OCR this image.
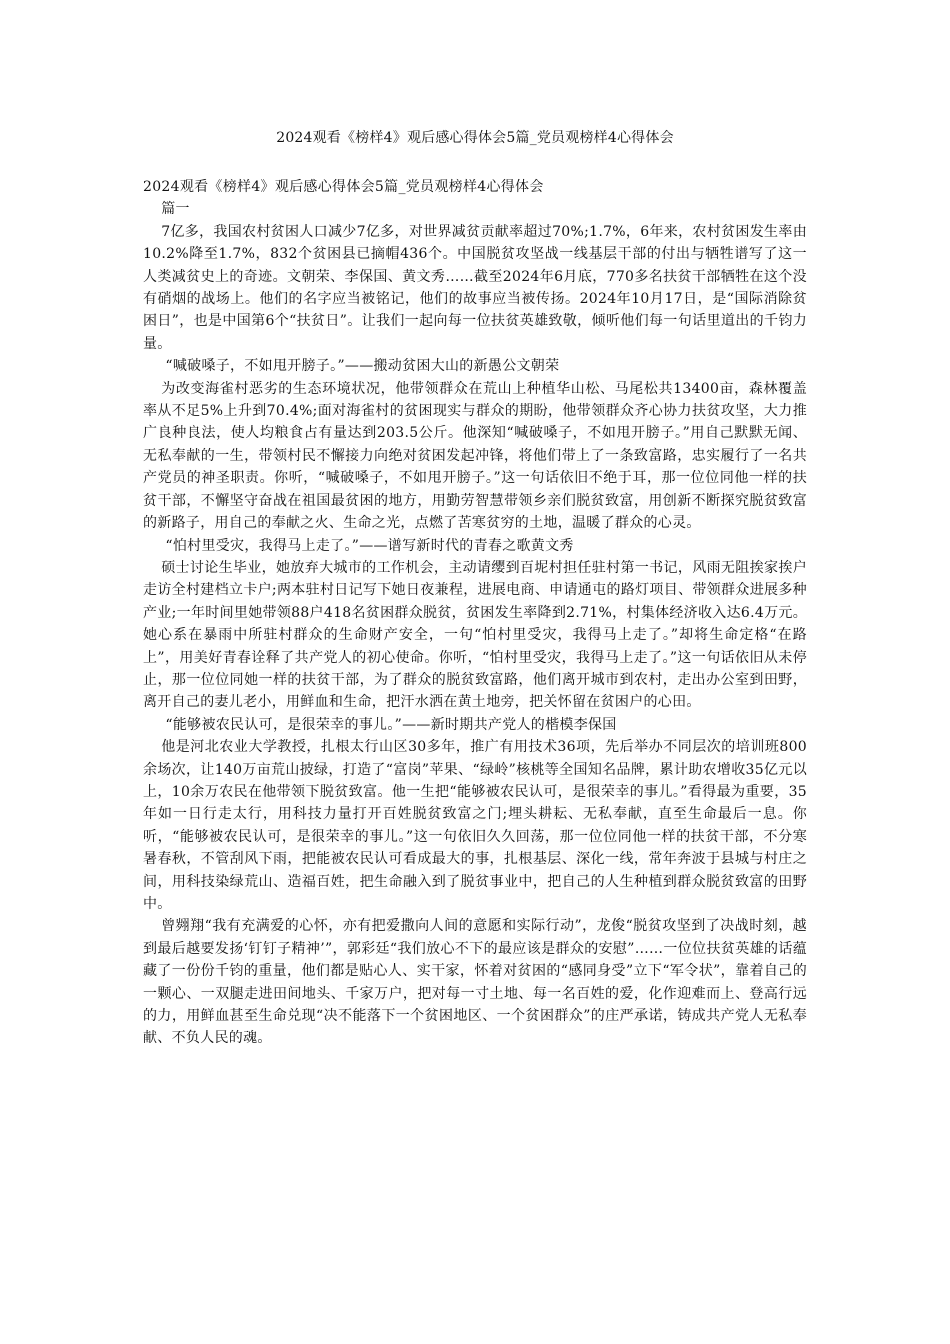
2024观看《榜样4》观后感心得体会5篇_党员观榜样4心得体会

2024观看《榜样4》观后感心得体会5篇_党员观榜样4心得体会

篇一

7亿多，我国农村贫困人口减少7亿多，对世界减贫贡献率超过70%;1.7%，6年来，农村贫困发生率由10.2%降至1.7%，832个贫困县已摘帽436个。中国脱贫攻坚战一线基层干部的付出与牺牲谱写了这一人类减贫史上的奇迹。文朝荣、李保国、黄文秀……截至2024年6月底，770多名扶贫干部牺牲在这个没有硝烟的战场上。他们的名字应当被铭记，他们的故事应当被传扬。2024年10月17日，是“国际消除贫困日”，也是中国第6个“扶贫日”。让我们一起向每一位扶贫英雄致敬，倾听他们每一句话里道出的千钧力量。

“喊破嗓子，不如甩开膀子。”——搬动贫困大山的新愚公文朝荣

为改变海雀村恶劣的生态环境状况，他带领群众在荒山上种植华山松、马尾松共13400亩，森林覆盖率从不足5%上升到70.4%;面对海雀村的贫困现实与群众的期盼，他带领群众齐心协力扶贫攻坚，大力推广良种良法，使人均粮食占有量达到203.5公斤。他深知“喊破嗓子，不如甩开膀子。”用自己默默无闻、无私奉献的一生，带领村民不懈接力向绝对贫困发起冲锋，将他们带上了一条致富路，忠实履行了一名共产党员的神圣职责。你听，“喊破嗓子，不如甩开膀子。”这一句话依旧不绝于耳，那一位位同他一样的扶贫干部，不懈坚守奋战在祖国最贫困的地方，用勤劳智慧带领乡亲们脱贫致富，用创新不断探究脱贫致富的新路子，用自己的奉献之火、生命之光，点燃了苦寒贫穷的土地，温暖了群众的心灵。

“怕村里受灾，我得马上走了。”——谱写新时代的青春之歌黄文秀

硕士讨论生毕业，她放弃大城市的工作机会，主动请缨到百坭村担任驻村第一书记，风雨无阻挨家挨户走访全村建档立卡户;两本驻村日记写下她日夜兼程，进展电商、申请通屯的路灯项目、带领群众进展多种产业;一年时间里她带领88户418名贫困群众脱贫，贫困发生率降到2.71%，村集体经济收入达6.4万元。她心系在暴雨中所驻村群众的生命财产安全，一句“怕村里受灾，我得马上走了。”却将生命定格“在路上”，用美好青春诠释了共产党人的初心使命。你听，“怕村里受灾，我得马上走了。”这一句话依旧从未停止，那一位位同她一样的扶贫干部，为了群众的脱贫致富路，他们离开城市到农村，走出办公室到田野，离开自己的妻儿老小，用鲜血和生命，把汗水洒在黄土地旁，把关怀留在贫困户的心田。

“能够被农民认可，是很荣幸的事儿。”——新时期共产党人的楷模李保国

他是河北农业大学教授，扎根太行山区30多年，推广有用技术36项，先后举办不同层次的培训班800余场次，让140万亩荒山披绿，打造了“富岗”苹果、“绿岭”核桃等全国知名品牌，累计助农增收35亿元以上，10余万农民在他带领下脱贫致富。他一生把“能够被农民认可，是很荣幸的事儿。”看得最为重要，35年如一日行走太行，用科技力量打开百姓脱贫致富之门;埋头耕耘、无私奉献，直至生命最后一息。你听，“能够被农民认可，是很荣幸的事儿。”这一句依旧久久回荡，那一位位同他一样的扶贫干部，不分寒暑春秋，不管刮风下雨，把能被农民认可看成最大的事，扎根基层、深化一线，常年奔波于县城与村庄之间，用科技染绿荒山、造福百姓，把生命融入到了脱贫事业中，把自己的人生种植到群众脱贫致富的田野中。

曾翙翔“我有充满爱的心怀，亦有把爱撒向人间的意愿和实际行动”，龙俊“脱贫攻坚到了决战时刻，越到最后越要发扬‘钉钉子精神’”，郭彩廷“我们放心不下的最应该是群众的安慰”……一位位扶贫英雄的话蕴藏了一份份千钧的重量，他们都是贴心人、实干家，怀着对贫困的“感同身受”立下“军令状”，靠着自己的一颗心、一双腿走进田间地头、千家万户，把对每一寸土地、每一名百姓的爱，化作迎难而上、登高行远的力，用鲜血甚至生命兑现“决不能落下一个贫困地区、一个贫困群众”的庄严承诺，铸成共产党人无私奉献、不负人民的魂。
